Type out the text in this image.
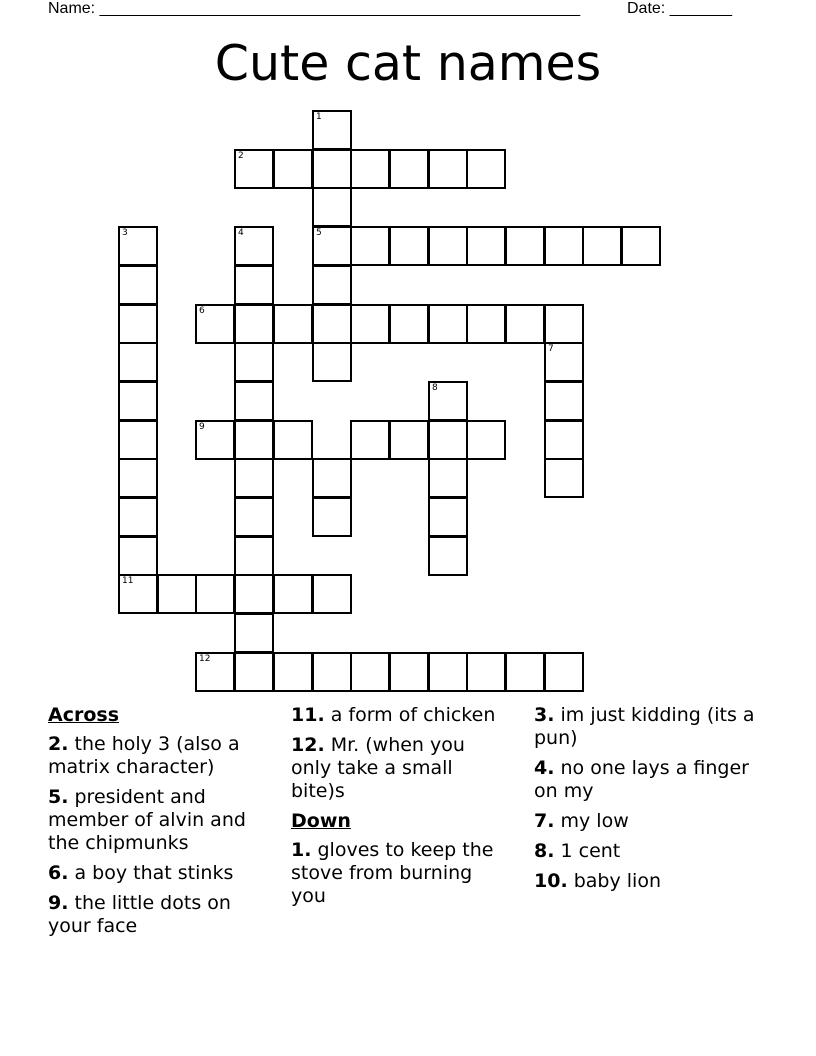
Name: ______________________________________________________	Date: _______
Cute cat names
1
5
2
3
11
4
6
7
8
9
12
Across
2. the holy 3 (also a matrix character)
5. president and member of alvin and the chipmunks
6. a boy that stinks
9. the little dots on your face
11. a form of chicken
12. Mr. (when you only take a small bite)s
Down
1. gloves to keep the stove from burning you
3. im just kidding (its a pun)
4. no one lays a finger on my
7. my low
8. 1 cent
10. baby lion
